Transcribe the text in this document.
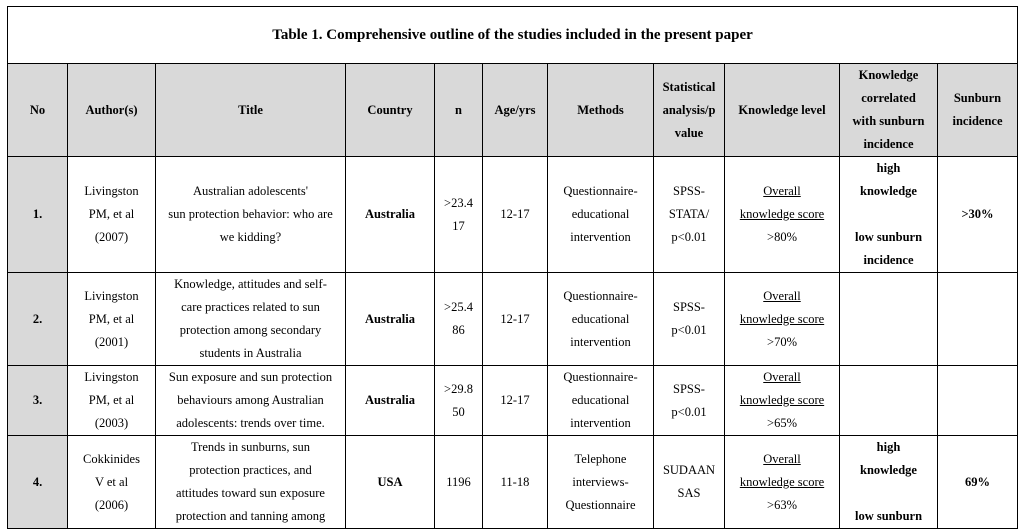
Table 1. Comprehensive outline of the studies included in the present paper										
No	Author(s)	Title	Country	n	Age/yrs	Methods	Statistical
analysis/p
value	Knowledge level	Knowledge
correlated
with sunburn
incidence	Sunburn
incidence

1.	Livingston
PM, et al
(2007)	Australian adolescents'
sun protection behavior: who are
we kidding?	Australia	>23.4
17	12-17	Questionnaire-
educational
intervention	SPSS-
STATA/
p<0.01	Overall
knowledge score
>80%	high
knowledge
low sunburn
incidence	>30%
2.	Livingston
PM, et al
(2001)	Knowledge, attitudes and self-
care practices related to sun
protection among secondary
students in Australia	Australia	>25.4
86	12-17	Questionnaire-
educational
intervention	SPSS-
p<0.01	Overall
knowledge score
>70%		

3.	Livingston
PM, et al
(2003)	Sun exposure and sun protection
behaviours among Australian
adolescents: trends over time.	Australia	>29.8
50	12-17	Questionnaire-
educational
intervention	SPSS-
p<0.01	Overall
knowledge score
>65%		

4.	Cokkinides
V et al
(2006)	Trends in sunburns, sun
protection practices, and
attitudes toward sun exposure
protection and tanning among	USA	1196	11-18	Telephone
interviews-
Questionnaire	SUDAAN
SAS	Overall
knowledge score
>63%	high
knowledge
low sunburn	69%
